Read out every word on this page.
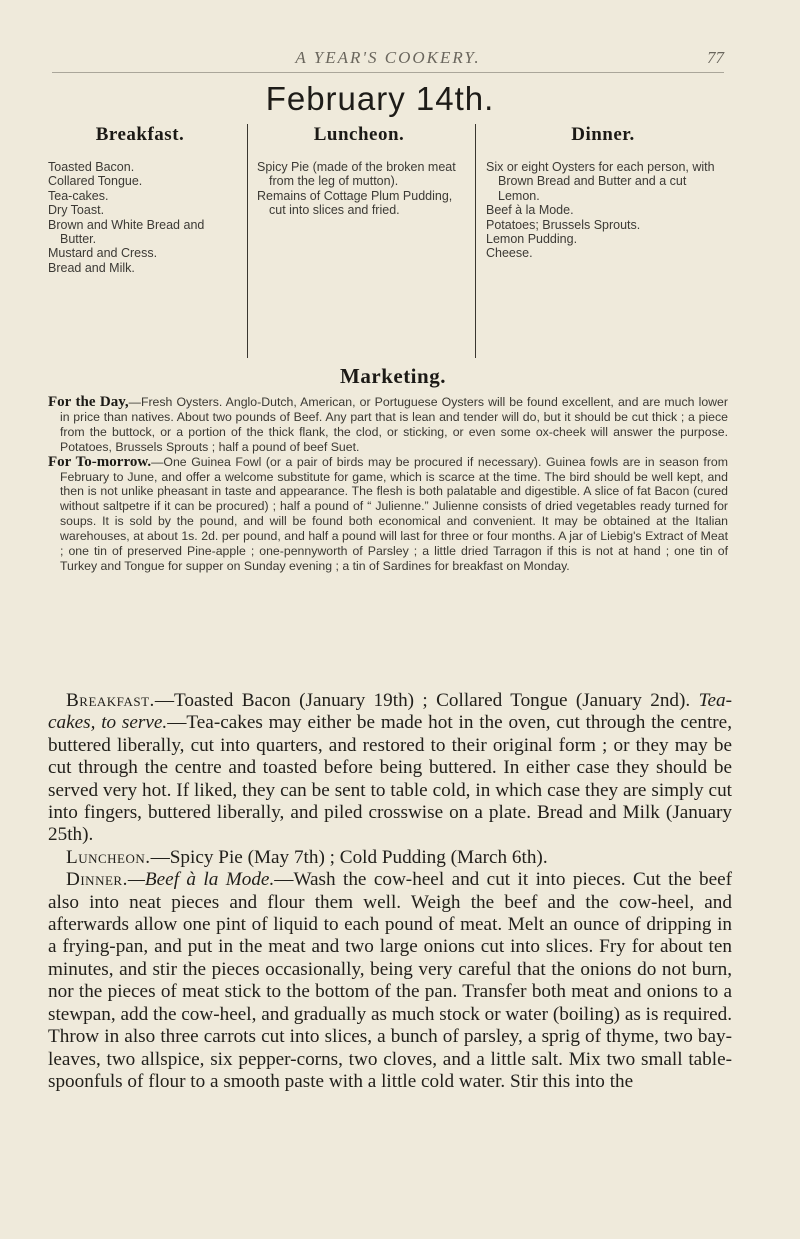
A YEAR'S COOKERY.	77
February 14th.
Breakfast.
Toasted Bacon.
Collared Tongue.
Tea-cakes.
Dry Toast.
Brown and White Bread and Butter.
Mustard and Cress.
Bread and Milk.
Luncheon.
Spicy Pie (made of the broken meat from the leg of mutton).
Remains of Cottage Plum Pudding, cut into slices and fried.
Dinner.
Six or eight Oysters for each person, with Brown Bread and Butter and a cut Lemon.
Beef à la Mode.
Potatoes; Brussels Sprouts.
Lemon Pudding.
Cheese.
Marketing.

For the Day,—Fresh Oysters. Anglo-Dutch, American, or Portuguese Oysters will be found excellent, and are much lower in price than natives. About two pounds of Beef. Any part that is lean and tender will do, but it should be cut thick ; a piece from the buttock, or a portion of the thick flank, the clod, or sticking, or even some ox-cheek will answer the purpose. Potatoes, Brussels Sprouts ; half a pound of beef Suet.

For To-morrow.—One Guinea Fowl (or a pair of birds may be procured if necessary). Guinea fowls are in season from February to June, and offer a welcome substitute for game, which is scarce at the time. The bird should be well kept, and then is not unlike pheasant in taste and appearance. The flesh is both palatable and digestible. A slice of fat Bacon (cured without saltpetre if it can be procured) ; half a pound of “ Julienne.” Julienne consists of dried vegetables ready turned for soups. It is sold by the pound, and will be found both economical and convenient. It may be obtained at the Italian warehouses, at about 1s. 2d. per pound, and half a pound will last for three or four months. A jar of Liebig's Extract of Meat ; one tin of preserved Pine-apple ; one-pennyworth of Parsley ; a little dried Tarragon if this is not at hand ; one tin of Turkey and Tongue for supper on Sunday evening ; a tin of Sardines for breakfast on Monday.

Breakfast.—Toasted Bacon (January 19th) ; Collared Tongue (January 2nd). Tea-cakes, to serve.—Tea-cakes may either be made hot in the oven, cut through the centre, buttered liberally, cut into quarters, and restored to their original form ; or they may be cut through the centre and toasted before being buttered. In either case they should be served very hot. If liked, they can be sent to table cold, in which case they are simply cut into fingers, buttered liberally, and piled crosswise on a plate. Bread and Milk (January 25th).

Luncheon.—Spicy Pie (May 7th) ; Cold Pudding (March 6th).

Dinner.—Beef à la Mode.—Wash the cow-heel and cut it into pieces. Cut the beef also into neat pieces and flour them well. Weigh the beef and the cow-heel, and afterwards allow one pint of liquid to each pound of meat. Melt an ounce of dripping in a frying-pan, and put in the meat and two large onions cut into slices. Fry for about ten minutes, and stir the pieces occasionally, being very careful that the onions do not burn, nor the pieces of meat stick to the bottom of the pan. Transfer both meat and onions to a stewpan, add the cow-heel, and gradually as much stock or water (boiling) as is required. Throw in also three carrots cut into slices, a bunch of parsley, a sprig of thyme, two bay-leaves, two allspice, six pepper-corns, two cloves, and a little salt. Mix two small table-spoonfuls of flour to a smooth paste with a little cold water. Stir this into the
